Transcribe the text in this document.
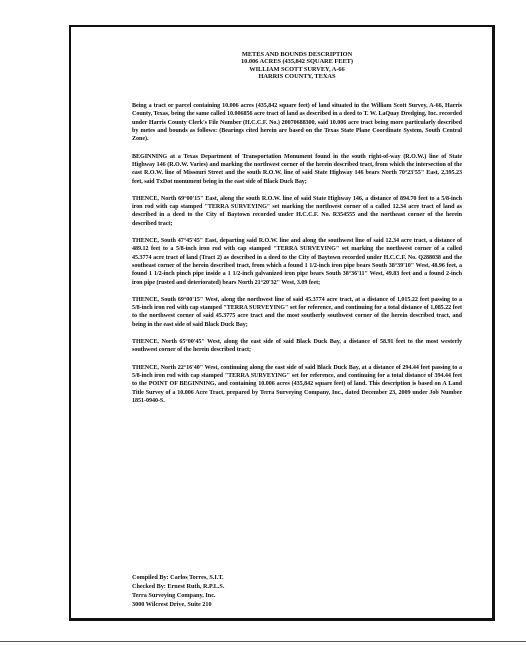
METES AND BOUNDS DESCRIPTION
10.006 ACRES (435,842 SQUARE FEET)
WILLIAM SCOTT SURVEY, A-66
HARRIS COUNTY, TEXAS

Being a tract or parcel containing 10.006 acres (435,842 square feet) of land situated in the William Scott Survey, A-66, Harris County, Texas, being the same called 10.006856 acre tract of land as described in a deed to T. W. LaQuay Dredging, Inc. recorded under Harris County Clerk's File Number (H.C.C.F. No.) 20070688300, said 10.006 acre tract being more particularly described by metes and bounds as follows: (Bearings cited herein are based on the Texas State Plane Coordinate System, South Central Zone).

BEGINNING at a Texas Department of Transportation Monument found in the south right-of-way (R.O.W.) line of State Highway 146 (R.O.W. Varies) and marking the northwest corner of the herein described tract, from which the intersection of the east R.O.W. line of Missouri Street and the south R.O.W. line of said State Highway 146 bears North 70°23'55" East, 2,395.23 feet, said TxDot monument being in the east side of Black Duck Bay;

THENCE, North 69°00'15" East, along the south R.O.W. line of said State Highway 146, a distance of 894.70 feet to a 5/8-inch iron rod with cap stamped "TERRA SURVEYING" set marking the northwest corner of a called 12.34 acre tract of land as described in a deed to the City of Baytown recorded under H.C.C.F. No. R354555 and the northeast corner of the herein described tract;

THENCE, South 47°45'45" East, departing said R.O.W. line and along the southwest line of said 12.34 acre tract, a distance of 489.12 feet to a 5/8-inch iron rod with cap stamped "TERRA SURVEYING" set marking the northwest corner of a called 45.3774 acre tract of land (Tract 2) as described in a deed to the City of Baytown recorded under H.C.C.F. No. Q288038 and the southeast corner of the herein described tract, from which a found 1 1/2-inch iron pipe bears South 38°39'10" West, 48.96 feet, a found 1 1/2-inch pinch pipe inside a 1 1/2-inch galvanized iron pipe bears South 38°36'11" West, 49.83 feet and a found 2-inch iron pipe (rusted and deteriorated) bears North 21°20'32" West, 3.09 feet;

THENCE, South 69°00'15" West, along the northwest line of said 45.3774 acre tract, at a distance of 1,015.22 feet passing to a 5/8-inch iron rod with cap stamped "TERRA SURVEYING" set for reference, and continuing for a total distance of 1,085.22 feet to the northwest corner of said 45.3775 acre tract and the most southerly southwest corner of the herein described tract, and being in the east side of said Black Duck Bay;

THENCE, North 65°00'45" West, along the east side of said Black Duck Bay, a distance of 58.91 feet to the most westerly southwest corner of the herein described tract;

THENCE, North 22°16'40" West, continuing along the east side of said Black Duck Bay, at a distance of 294.44 feet passing to a 5/8-inch iron rod with cap stamped "TERRA SURVEYING" set for reference, and continuing for a total distance of 394.44 feet to the POINT OF BEGINNING, and containing 10.006 acres (435,842 square feet) of land. This description is based on A Land Title Survey of a 10.006 Acre Tract, prepared by Terra Surveying Company, Inc., dated December 23, 2009 under Job Number 1851-0940-S.

Compiled By: Carlos Torres, S.I.T.
Checked By: Ernest Ruth, R.P.L.S.
Terra Surveying Company, Inc.
3000 Wilcrest Drive, Suite 210
